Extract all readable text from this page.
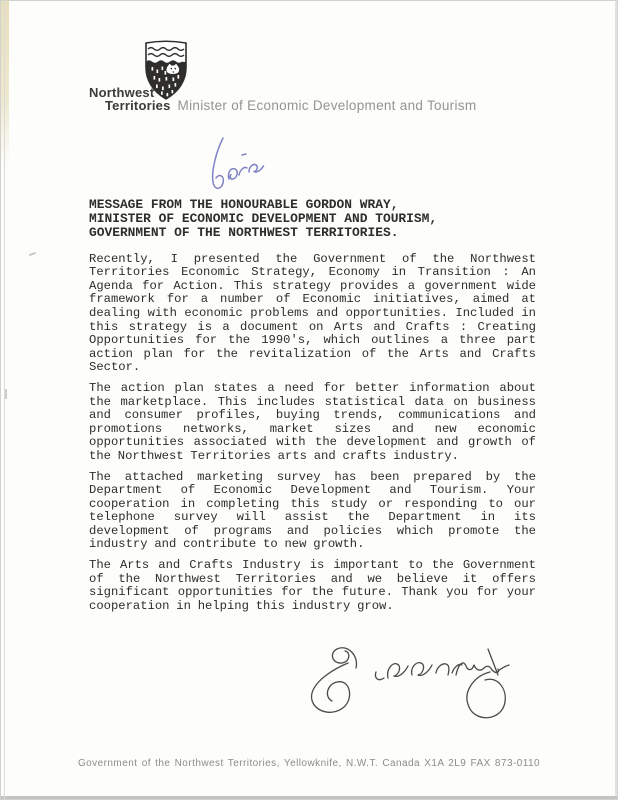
Northwest
Territories Minister of Economic Development and Tourism
MESSAGE FROM THE HONOURABLE GORDON WRAY,
MINISTER OF ECONOMIC DEVELOPMENT AND TOURISM,
GOVERNMENT OF THE NORTHWEST TERRITORIES.

Recently, I presented the Government of the Northwest Territories Economic Strategy, Economy in Transition : An Agenda for Action. This strategy provides a government wide framework for a number of Economic initiatives, aimed at dealing with economic problems and opportunities. Included in this strategy is a document on Arts and Crafts : Creating Opportunities for the 1990's, which outlines a three part action plan for the revitalization of the Arts and Crafts Sector.

The action plan states a need for better information about the marketplace. This includes statistical data on business and consumer profiles, buying trends, communications and promotions networks, market sizes and new economic opportunities associated with the development and growth of the Northwest Territories arts and crafts industry.

The attached marketing survey has been prepared by the Department of Economic Development and Tourism. Your cooperation in completing this study or responding to our telephone survey will assist the Department in its development of programs and policies which promote the industry and contribute to new growth.

The Arts and Crafts Industry is important to the Government of the Northwest Territories and we believe it offers significant opportunities for the future. Thank you for your cooperation in helping this industry grow.

Government of the Northwest Territories, Yellowknife, N.W.T. Canada X1A 2L9 FAX 873-0110
